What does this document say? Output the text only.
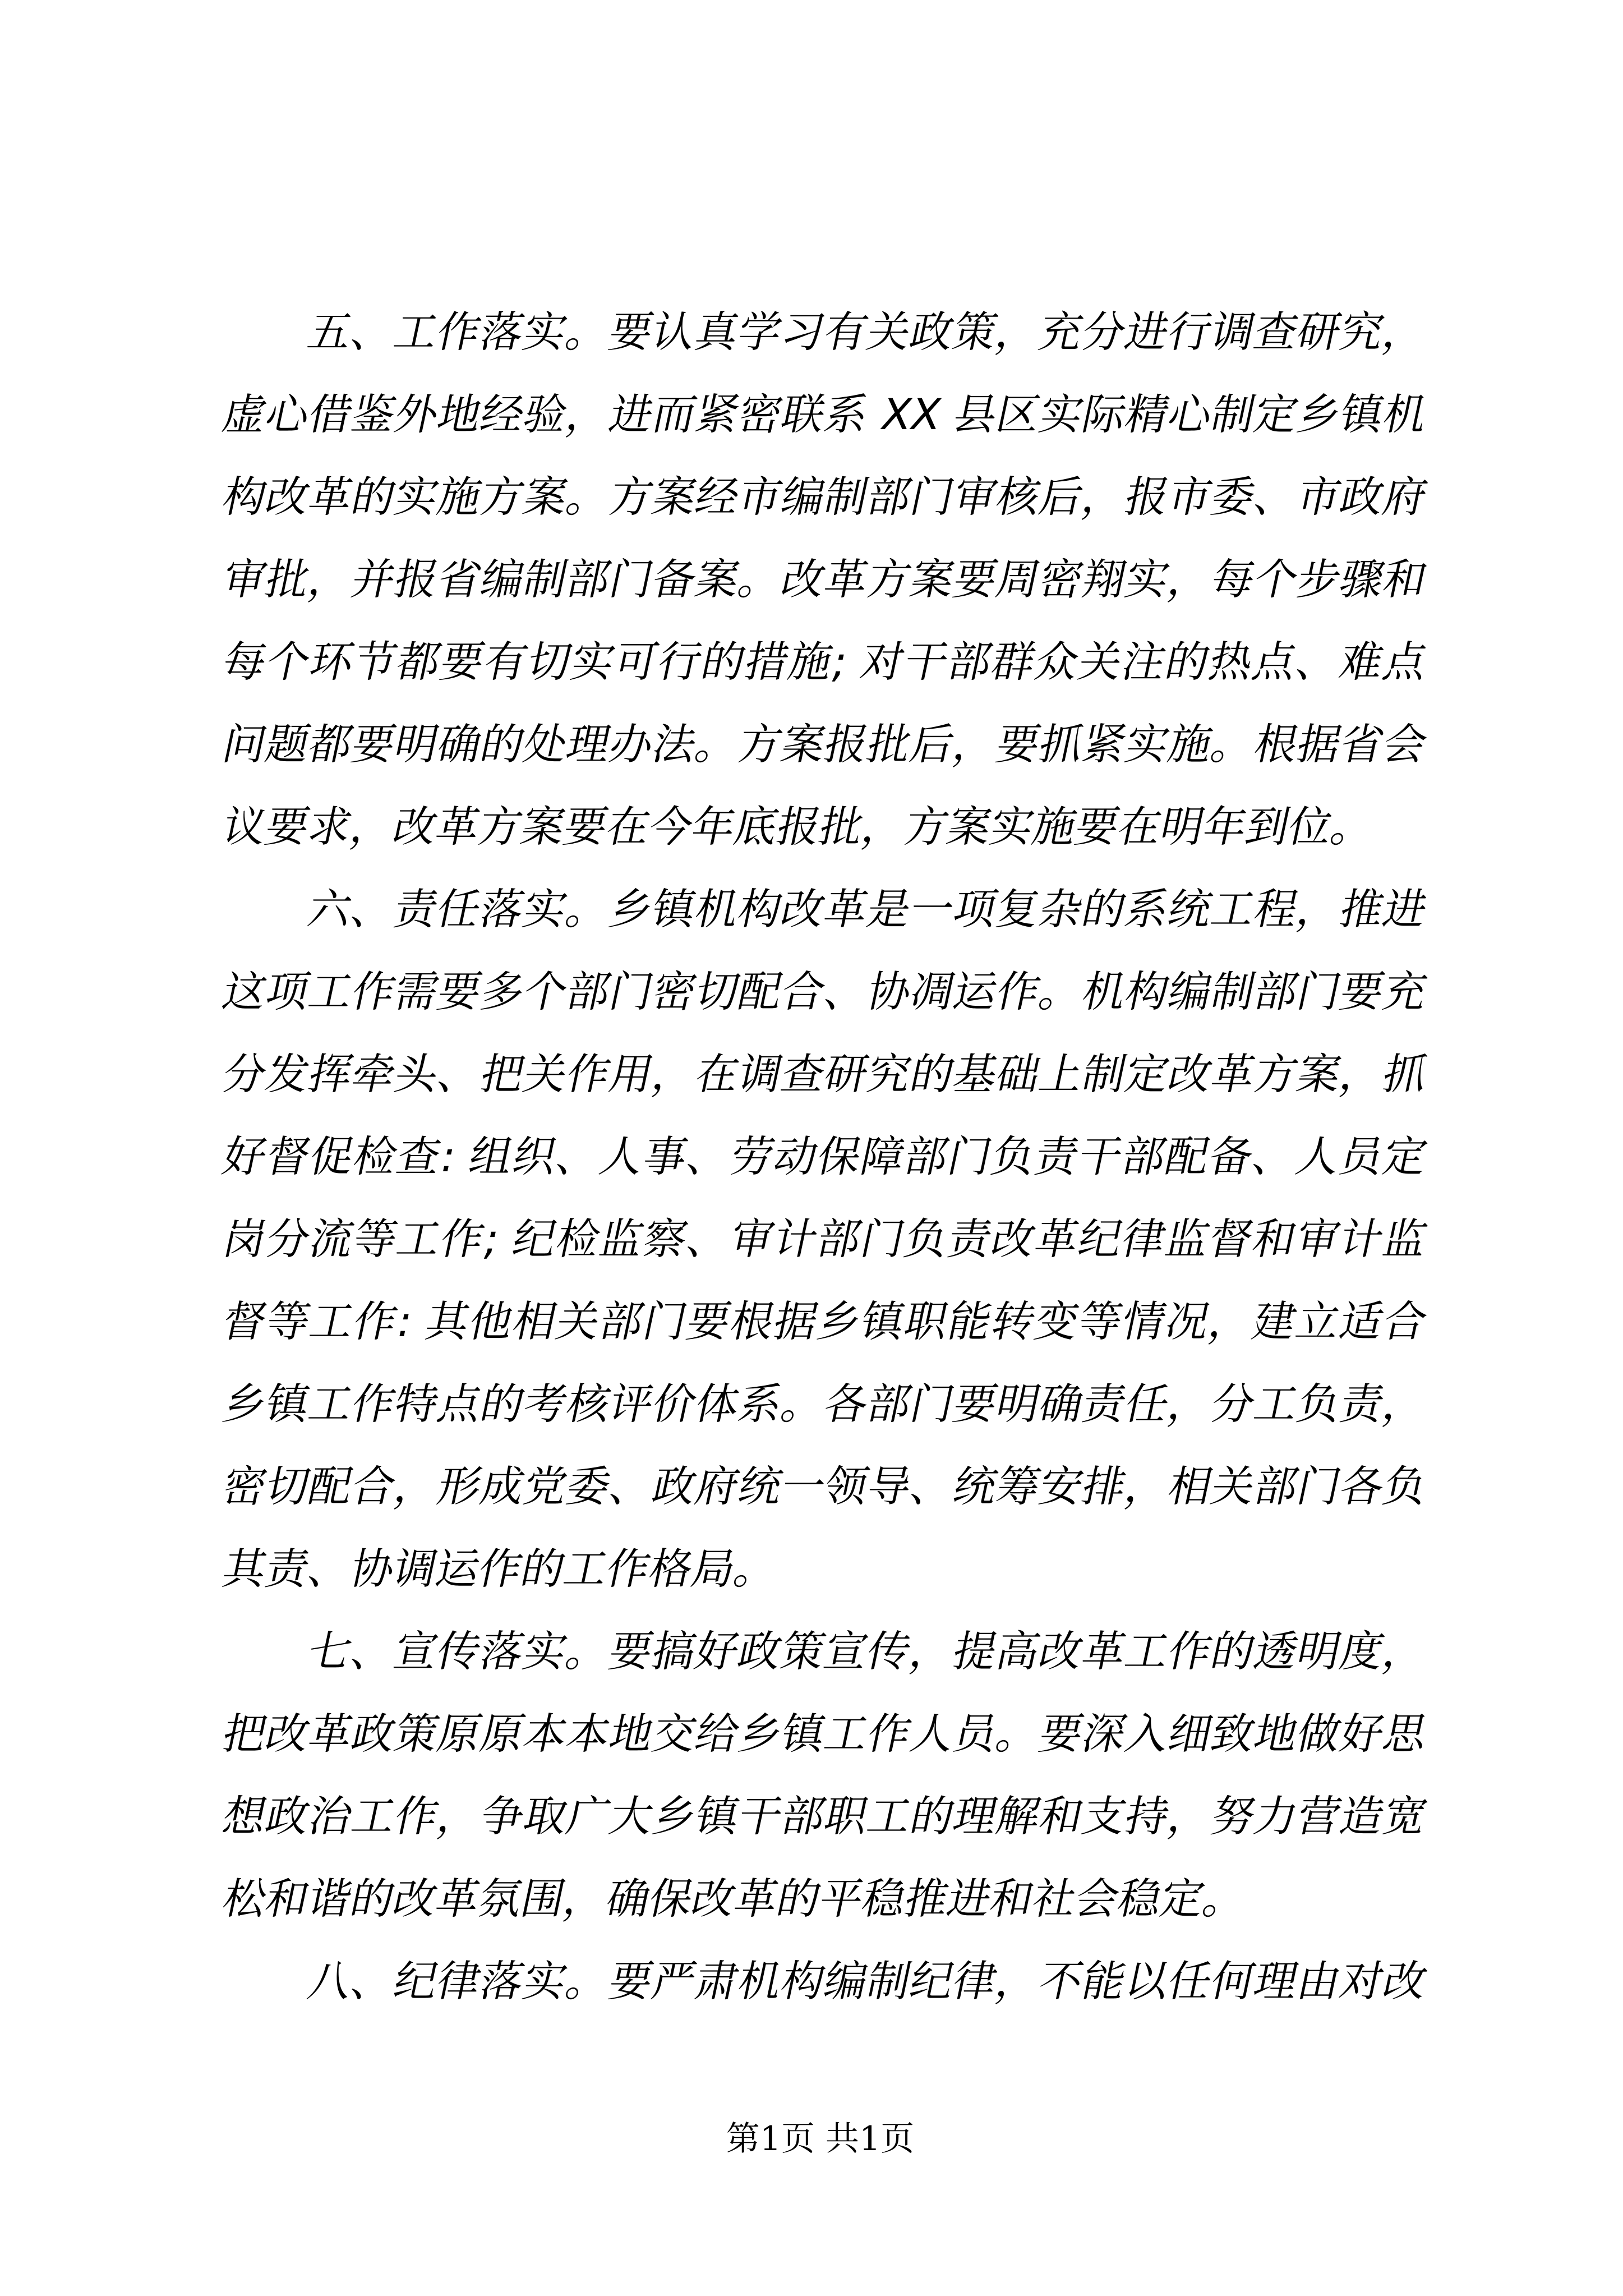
五、工作落实。要认真学习有关政策，充分进行调查研究，
虚心借鉴外地经验，进而紧密联系 XX 县区实际精心制定乡镇机
构改革的实施方案。方案经市编制部门审核后，报市委、市政府
审批，并报省编制部门备案。改革方案要周密翔实，每个步骤和
每个环节都要有切实可行的措施; 对干部群众关注的热点、难点
问题都要明确的处理办法。方案报批后，要抓紧实施。根据省会
议要求，改革方案要在今年底报批，方案实施要在明年到位。
六、责任落实。乡镇机构改革是一项复杂的系统工程，推进
这项工作需要多个部门密切配合、协凋运作。机构编制部门要充
分发挥牵头、把关作用，在调查研究的基础上制定改革方案，抓
好督促检查: 组织、人事、劳动保障部门负责干部配备、人员定
岗分流等工作; 纪检监察、审计部门负责改革纪律监督和审计监
督等工作: 其他相关部门要根据乡镇职能转变等情况，建立适合
乡镇工作特点的考核评价体系。各部门要明确责任，分工负责，
密切配合，形成党委、政府统一领导、统筹安排，相关部门各负
其责、协调运作的工作格局。
七、宣传落实。要搞好政策宣传，提高改革工作的透明度，
把改革政策原原本本地交给乡镇工作人员。要深入细致地做好思
想政治工作，争取广大乡镇干部职工的理解和支持，努力营造宽
松和谐的改革氛围，确保改革的平稳推进和社会稳定。
八、纪律落实。要严肃机构编制纪律，不能以任何理由对改
第1页 共1页
